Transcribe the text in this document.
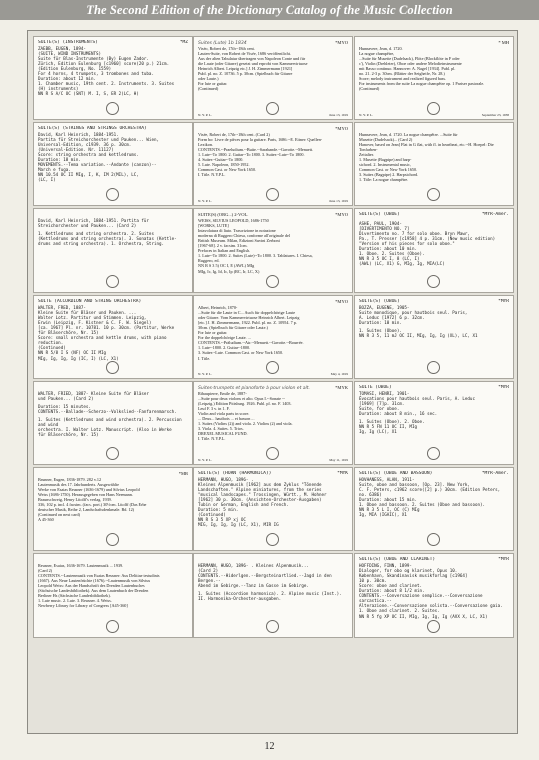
The Second Edition of the Dictionary Catalog of the Music Collection
SUITE(S) (INSTRUMENTS)	*MZ

ZAEBB, EUGEN, 1894-

(SUITE, WIND INSTRUMENTS)

Suite für Blas-Instrumente (By) Eugen Zador.

Zürich, Edition Eulenburg [c1960] score(20 p.) 21cm.

(Edition Eulenburg, No. 1559)

For 4 horns, 4 trumpets, 3 trombones and tuba.

Duration: about 12 min.

1. Chamber music, 19th cent. 2. Instruments. 3. Suites

(H) instruments)

NN R S A/C OC (SNT) M. I, S, ER 2(LC, H)

Suites (Lute) 1b 1834	*MYO

Viséo, Robert de, 17th--18th cent.

Lauten-Suite, von Robert de Visée, 1686 veröffentlicht.

Aus der alten Tabulatur übertragen von Napoleon Conte und für

die Laute (oder Gitarre) gesetzt und erprobt von Kammervirtuose

Heinrich Albert. Leipzig etc.] J. H. Zimmermann [1921]

Publ. pl. no. Z. 10736. 5 p. 30cm. (Spielbuch für Gitarre

oder Laute.)

For lute or guitar.

(Continued)

N. Y. P. L.	June 13, 1919
* MH

Hunnavere, Jean, d. 1720.

La nogue champêtre,

...Suite für Musette (Dudelsack), Flöte (Blockflöte in F oder

c'), Violin (Drehleier), Oboe oder andere Melodieinstrumente

mit Basso continuo. Hannover: A. Nagel [1934]. Publ. pl.

no. 21. 2-3 p. 30cm. (Blätter der Seigheife, Nr. 28.)

Score; melody instrument and realized figured bass.

For instruments from the suite La nogue champêtre op. 1 Pariser pastorale.

(Continued)

N. Y. P. L.	September 23, 1938
SUITE(S) (STRINGS AND STRINGS ORCHESTRA)

David, Karl Heinrich, 1884-1951.

Partita für Streichorchester und Pauken... Wien,

Universal-Edition, c1939. 36 p. 30cm.

(Universal-Edition. Nr. 11127)

Score: string orchestra and kettledrums.

Duration: 18 min.

MOVEMENTS.--Tema variation.--Andante (canzon)--

March e fuga.

NN 10.54 OC II MIg, I, K, IM 2(MIL), LC,

(LC, I)

*MYO

Visée, Robert de, 17th--18th cent. (Card 2)

Form bo: Livre de pièces pour la guitare. Paris, 1686.--E. Eitner: Quellen-

Lexikon.

CONTENTS.--Praeludium.--Buite.--Sarabande.--Gavotte.--Menuett.

1. Lute--To 1800. 2. Guitar--To 1800. 3. Suites--Lute--To 1800.

4. Suites--Guitar--To 1800.

5. Lute. Napoleon, 1850-1952.

Common Cast. or New York 1650.

I. Title. N.Y.P.L.

N. Y. P. L.	June 13, 1919

Hunnavere, Jean, d. 1720. La nogue champêtre. ...Suite für

Musette (Dudelsack)... (Card 2)

Hanover, based on Jean] Flat in G flat, with fl. in heartbeat, etc.--H. Hoepel: Die Tonfarben-

Zeitalter.

1. Musette (Bagpipe) and harp-

sichord. 2. Instrumental music,

Common Cast. or New York 1650.

3. Suites (Bagpipe) 2. Harpsichord.

1. Title: La nogue champêtre.

David, Karl Heinrich, 1884-1951. Partita für

Streichorchester und Pauken... (Card 2)

1. Kettledrums and string orchestra. 2. Suites

(Kettledrums and string orchestra). 3. Sonatas (Kettle-

drums and string orchestra). 1. Orchestra, String.

SUITE(S) (ORG...) 2-VOL.	*MYO

WEISS, SILVIUS LEOPOLD, 1686-1750

[WORKS, LUTE]

Intavolatura di liuto. Trascrizione in notazione

moderna di Ruggero Chiesa, conforme all'originale del

British Museum. Milan, Edizioni Suvini Zerboni

[1967-68]. 2 v. facsim. 31cm.

Prefaces in Italian and English.

1. Lute--To 1800. 2. Suites (Lute)--To 1800. 3. Tablatures. I. Chiesa,

Ruggero, ed.

NN R S 3 5) OC I, E (AWL) MIg

MIg, Ic, Ig, Id, Ic, Ip (RC, Ir, LC, X)

SUITE(S) (OBOE)	*MYR-Amer.

ASHE, PAUL, 1904-

[DIVERTIMENTO NO. 7]

Divertimento no. 7 for solo oboe. Bryn Mawr,

Pa., T. Presser [c1958] 4 p. 31cm. (New music edition)

"Version of his pieces for solo oboe."

Duration: about 10 min.

1. Oboe. 2. Suites (Oboe).

NN R 3 5 OC I, 8 (LC, I)

(AWL) (LC, X1) G, MIg, Ig, MIA(LC)

SUITE (ACCORDION AND STRING ORCHESTRA)

WALTER, FRED, 1887-

Kleine Suite für Bläser und Pauken. ...

Walter Lotz. Partitur und Stimmen. Leipzig,

Erwin (Leipzig, F. Kistner & C. F. W. Siegel)

[ca. 1967] Pl. nr. 10781. 10 p. 30cm. (Partitur, Werke

für Bläserchöre, Nr. 15)

Score: small orchestra and kettle drums, with piano reduction.

(Continued)

NN R 5/8 I S (NF) OC II MIg

MIg, Ig, Ig, Ig (IC, I) (LC, X1)

*MYO

Albert, Heinrich, 1870-

...Suite für die Laute in C... Auch für doppelchörige Laute

oder Gitarre. Vom Kammervirtuose Heinrich Albert. Leipzig

[etc.] J. H. Zimmermann, 1922. Publ. pl. no. Z. 10954. 7 p.

30cm. (Spielbuch für Gitarre oder Laute.)

For lute or guitar.

For the doppelchörige Laute. ...

CONTENTS.--Präludium.--Air.--Menuett.--Gavotte.--Bourrée.

1. Lute--1800. 2. Guitar--1800.

3. Suites--Lute. Common Cast. or New York 1650.

I. Title.

N. Y. P. L.	May 4, 1919
SUITE(S) (OBOE)	*MYR

BOZZA, EUGENE, 1905-

Suite monodique, pour hautbois seul. Paris,

A. Leduc [1972] 6 p. 32cm.

Duration: 10 min.

1. Suites (Oboe).

NN R 3 5, 11 mJ OC II, MIg, Ig, Ig (XL), LC, X1

WALTER, FRIED, 1887- Kleine Suite für Bläser

und Pauken... (Card 2)

Duration: 15 minutes.

CONTENTS.--Ballade--Scherzo--Volkslied--Fanfarenmarsch.

1. Suites (Kettledrums and wind orchestra). 2. Percussion and wind

orchestra. I. Walter Lotz. Manuscript. (Also in Werke

für Bläserchöre, Nr. 15)

Suites-trumpets et pianoforte à pour violon et alt.	*MYK

Ribaupierre, Emile de, 1887-

...Suite pour deux violons et alto. Opus I.--Sonate --

(Leipzig.) Edition Pittsburg. 1926. Publ. pl. no. F. 1403.

Leuf F. 3 v. in 1. F.

Violin and viola parts in score.

... Deux... hautbois ... et basson ...

1. Suites (Violins (2)) and viola. 2. Violins (2) and viola.

3. Viola. 4. Suites. 5. Trios.

DREXEL MUSICAL FUND.

I. Title. N.Y.P.L.

N. Y. P. L.	May 11, 1919
SUITE (OBOE)	*MYR

TOMASI, HENRI, 1901-

Évocations pour hautbois seul. Paris, A. Leduc

[1969] [7]p. 31cm.

Suite, for oboe.

Duration: about 8 min., 16 sec.

1. Suites (Oboe). 2. Oboe.

NN R 5 FN 11 OC II, MIg

Ig, Ig (LC), X1

*MR

Brunner, Eugen, 1836-1879. 282 v.12

Lautenmusik des 17. Jahrhunderts. Ausgewählte

Werke von Esaias Reusner (1636-1679) und Silvius Leopold

Weiss (1686-1750). Herausgegeben von Hans Neemann.

Braunschweig, Henry Litolff's verlag. 1939.

336, 102 p. incl. 4 facsim. (facs. port.) 30½cm. Litolff (Das Erbe

deutscher Musik, Reihe 2, Landschaftsdenkmale. Bd. 12)

(Continued on next card)

A 45-360

SUITE(S) (HORN (HARMONICA))	*MYK

HERMANN, HUGO, 1896- .

Kleines Alpenmusik [1962] aus dem Zyklus "Tönende

Landschaften." Alpine miniatures, from the series

"musical landscapes." Trossingen, Württ., M. Hohner

[1962] 30 p. 30cm. (Ansichten-Orchester-Ausgaben)

Tubin or German, English and French.

Duration: 5 min.

(Continued)

NN R S 3 5 XP xj OC

MIG, Ig, Ig, Ig (LC, X1), MIR IG

SUITE(S) (OBOE AND BASSOON)	*MYR-Amer.

HOVHANESS, ALAN, 1911-

Suite, oboe and bassoon, [Op. 23]. New York,

C. F. Peters, c1962 score([2] p.) 30cm. (Edition Peters,

no. 6386)

Duration: about 15 min.

1. Oboe and bassoon. 2. Suites (Oboe and bassoon).

NN R 3 5 L I, OC (C) MIg

Ig, MIA (IGAIC), X1

Reusner, Esaias, 1636-1679. Lautenmusik ... 1939.

(Card 2)

CONTENTS.--Lautenmusik von Esaias Reusner: Aus Delitiae testudinis

(1667). Aus Neue Lautenfrüchte (1676).--Lautenmusik von Silvius

Leopold Weiss: Aus der Handschrift des Dresden Lautenbuches

(Sächsische Landesbibliothek). Aus dem Lautenbuch der Dresden

Berliner Hs (Sächsische Landesbibliothek).

1. Lute music. 2. Lute. 3. Reusner. 4. Weiss.

Newberry Library for Library of Congress [A45-360]

HERMANN, HUGO, 1896- . Kleines Alpenmusik...

(Card 2)

CONTENTS.--Hiderlgen.--Bergsteinartlied.--Jagd in den Bergen.--

Abend im Gebirge.--Tanz im Gasse im Gebirge.

1. Suites (Accordion harmonica). 2. Alpine music (Inst.).

II. Harmonika-Orchester-ausgaben.

SUITE(S) (OBOE AND CLARINET)	*MYR

HOFFDING, FINN, 1899-

Dialoger, for obo og klarinet, Opus 10.

København, Skandinavisk musikforlag [c1964]

10 p. 30cm.

Score: oboe and clarinet.

Duration: about 8 1/2 min.

CONTENTS.--Conversazione semplice.--Conversazione sarcastica.--

Alterazione.--Conversazione solista.--Conversazione gaia.

1. Oboe and clarinet. 2. Suites.

NN R 5 fg XP OC II, MIg, Ig, Ig, Ig (AVX X, LC, X1)

12
